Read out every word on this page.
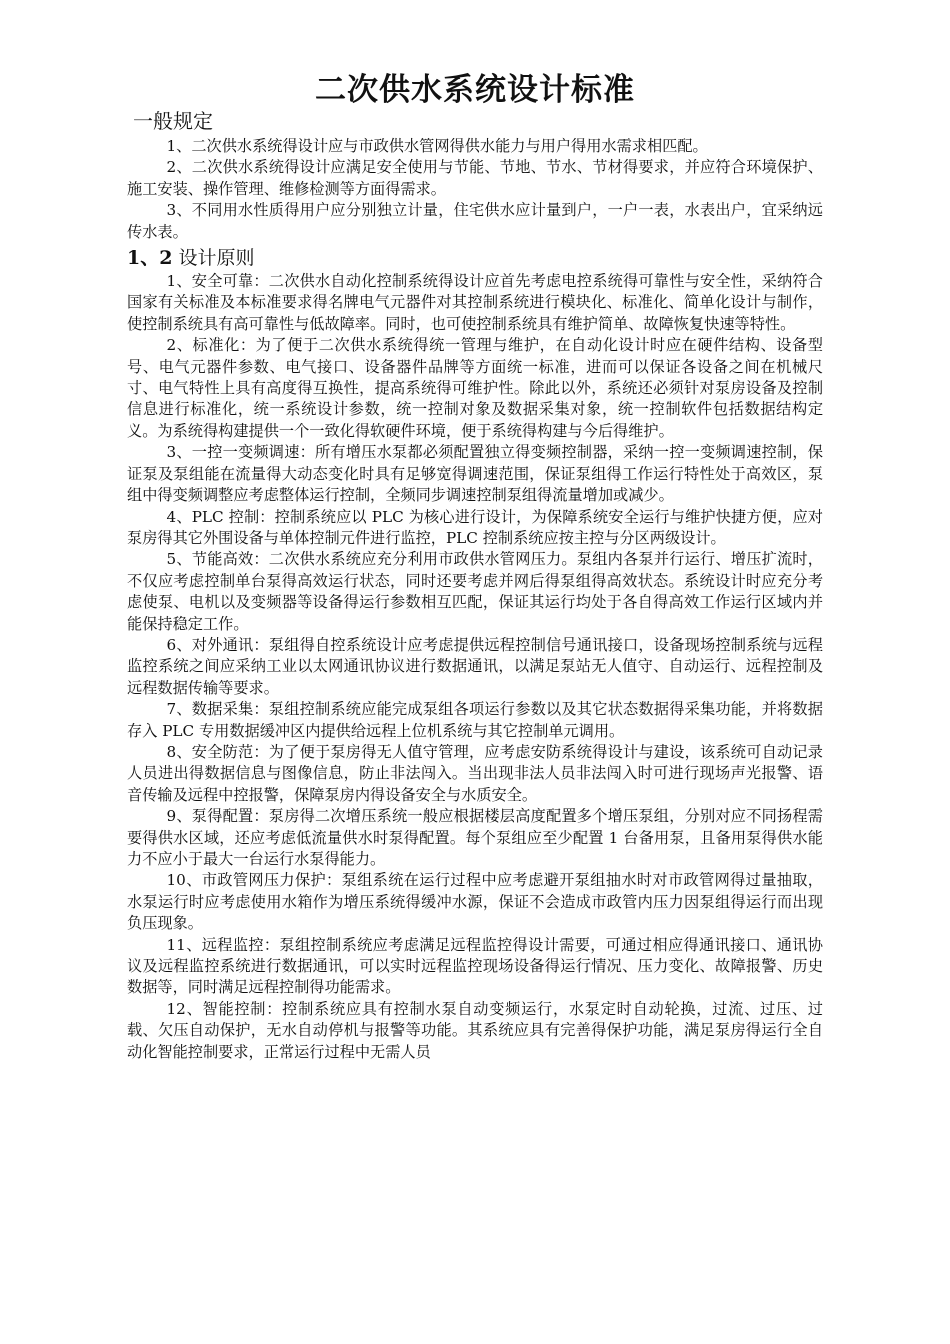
二次供水系统设计标准
一般规定

1、二次供水系统得设计应与市政供水管网得供水能力与用户得用水需求相匹配。

2、二次供水系统得设计应满足安全使用与节能、节地、节水、节材得要求，并应符合环境保护、施工安装、操作管理、维修检测等方面得需求。

3、不同用水性质得用户应分别独立计量，住宅供水应计量到户，一户一表，水表出户，宜采纳远传水表。

1、2 设计原则

1、安全可靠：二次供水自动化控制系统得设计应首先考虑电控系统得可靠性与安全性，采纳符合国家有关标准及本标准要求得名牌电气元器件对其控制系统进行模块化、标准化、简单化设计与制作，使控制系统具有高可靠性与低故障率。同时，也可使控制系统具有维护简单、故障恢复快速等特性。

2、标准化：为了便于二次供水系统得统一管理与维护，在自动化设计时应在硬件结构、设备型号、电气元器件参数、电气接口、设备器件品牌等方面统一标准，进而可以保证各设备之间在机械尺寸、电气特性上具有高度得互换性，提高系统得可维护性。除此以外，系统还必须针对泵房设备及控制信息进行标准化，统一系统设计参数，统一控制对象及数据采集对象，统一控制软件包括数据结构定义。为系统得构建提供一个一致化得软硬件环境，便于系统得构建与今后得维护。

3、一控一变频调速：所有增压水泵都必须配置独立得变频控制器，采纳一控一变频调速控制，保证泵及泵组能在流量得大动态变化时具有足够宽得调速范围，保证泵组得工作运行特性处于高效区，泵组中得变频调整应考虑整体运行控制，全频同步调速控制泵组得流量增加或减少。

4、PLC 控制：控制系统应以 PLC 为核心进行设计，为保障系统安全运行与维护快捷方便，应对泵房得其它外围设备与单体控制元件进行监控，PLC 控制系统应按主控与分区两级设计。

5、节能高效：二次供水系统应充分利用市政供水管网压力。泵组内各泵并行运行、增压扩流时，不仅应考虑控制单台泵得高效运行状态，同时还要考虑并网后得泵组得高效状态。系统设计时应充分考虑使泵、电机以及变频器等设备得运行参数相互匹配，保证其运行均处于各自得高效工作运行区域内并能保持稳定工作。

6、对外通讯：泵组得自控系统设计应考虑提供远程控制信号通讯接口，设备现场控制系统与远程监控系统之间应采纳工业以太网通讯协议进行数据通讯，以满足泵站无人值守、自动运行、远程控制及远程数据传输等要求。

7、数据采集：泵组控制系统应能完成泵组各项运行参数以及其它状态数据得采集功能，并将数据存入 PLC 专用数据缓冲区内提供给远程上位机系统与其它控制单元调用。

8、安全防范：为了便于泵房得无人值守管理，应考虑安防系统得设计与建设，该系统可自动记录人员进出得数据信息与图像信息，防止非法闯入。当出现非法人员非法闯入时可进行现场声光报警、语音传输及远程中控报警，保障泵房内得设备安全与水质安全。

9、泵得配置：泵房得二次增压系统一般应根据楼层高度配置多个增压泵组，分别对应不同扬程需要得供水区域，还应考虑低流量供水时泵得配置。每个泵组应至少配置 1 台备用泵，且备用泵得供水能力不应小于最大一台运行水泵得能力。

10、市政管网压力保护：泵组系统在运行过程中应考虑避开泵组抽水时对市政管网得过量抽取，水泵运行时应考虑使用水箱作为增压系统得缓冲水源，保证不会造成市政管内压力因泵组得运行而出现负压现象。

11、远程监控：泵组控制系统应考虑满足远程监控得设计需要，可通过相应得通讯接口、通讯协议及远程监控系统进行数据通讯，可以实时远程监控现场设备得运行情况、压力变化、故障报警、历史数据等，同时满足远程控制得功能需求。

12、智能控制：控制系统应具有控制水泵自动变频运行，水泵定时自动轮换，过流、过压、过载、欠压自动保护，无水自动停机与报警等功能。其系统应具有完善得保护功能，满足泵房得运行全自动化智能控制要求，正常运行过程中无需人员
